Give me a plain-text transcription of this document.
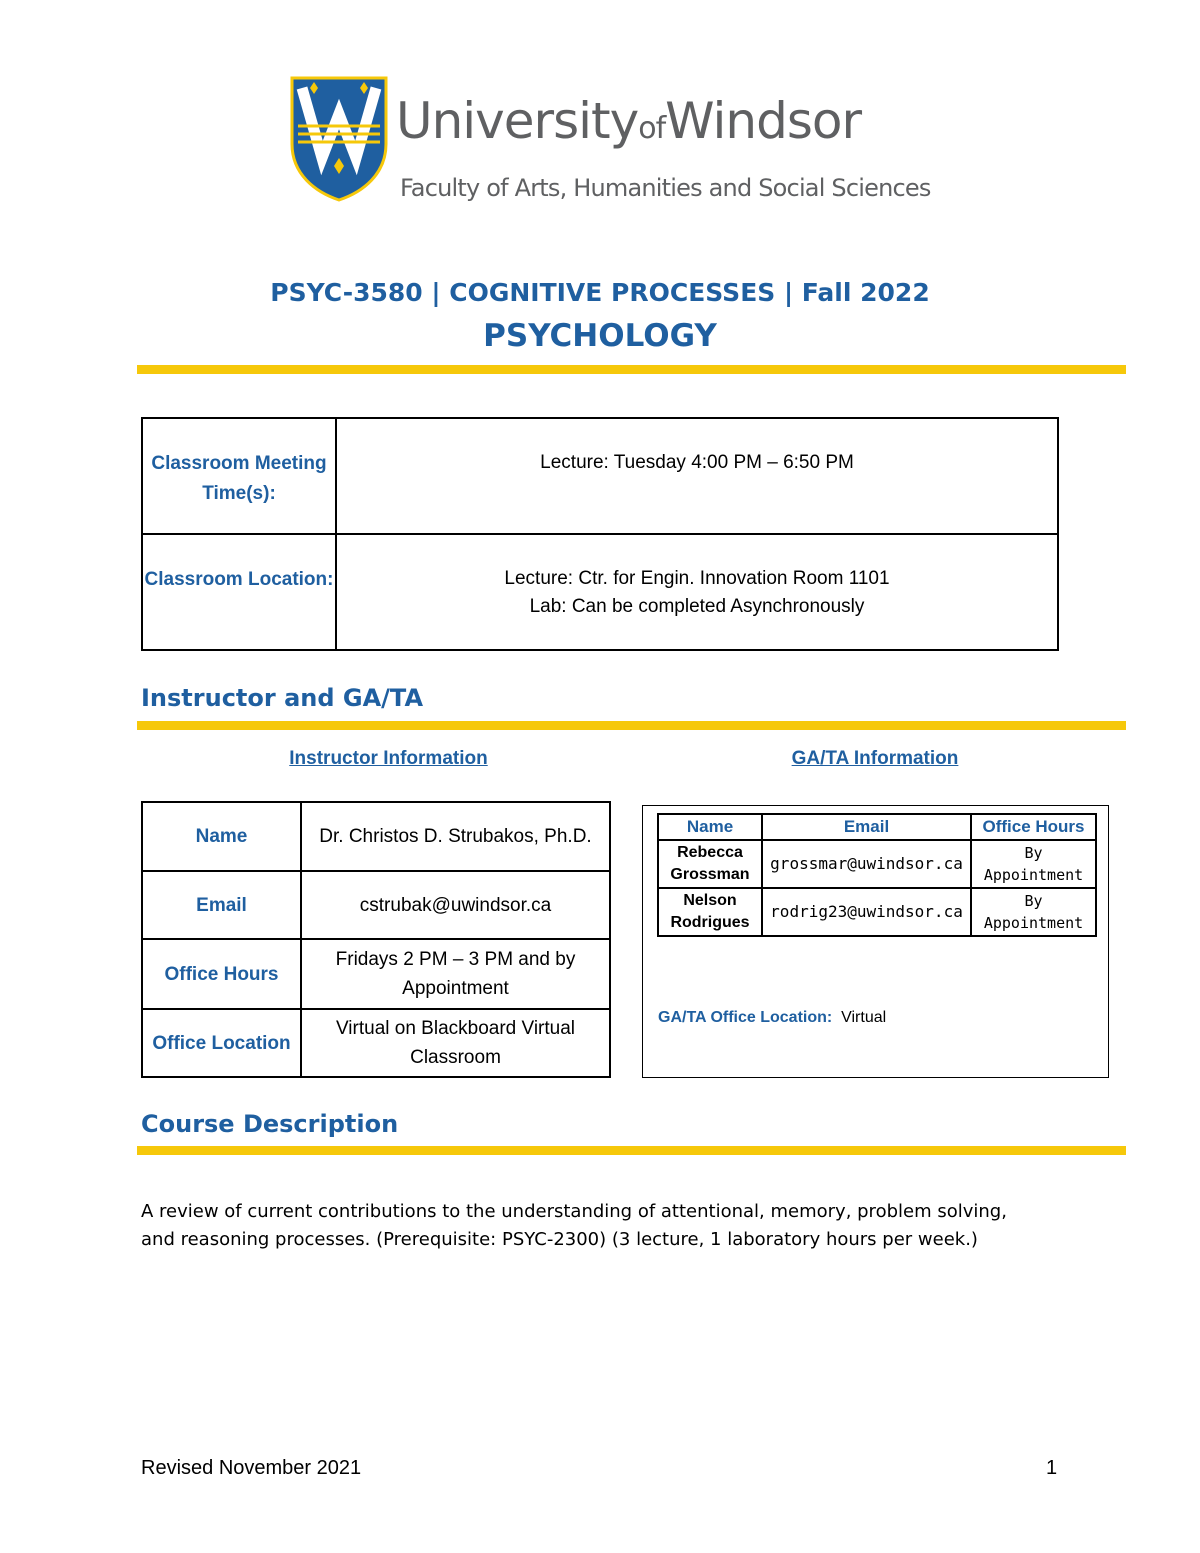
UniversityofWindsor
Faculty of Arts, Humanities and Social Sciences
PSYC-3580 | COGNITIVE PROCESSES | Fall 2022
PSYCHOLOGY
Classroom Meeting Time(s):	Lecture: Tuesday 4:00 PM – 6:50 PM
Classroom Location:	Lecture: Ctr. for Engin. Innovation Room 1101
Lab: Can be completed Asynchronously
Instructor and GA/TA
Instructor Information	GA/TA Information
Name	Dr. Christos D. Strubakos, Ph.D.
Email	cstrubak@uwindsor.ca
Office Hours	Fridays 2 PM – 3 PM and by Appointment
Office Location	Virtual on Blackboard Virtual Classroom
Name	Email	Office Hours
Rebecca Grossman	grossmar@uwindsor.ca	By Appointment
Nelson Rodrigues	rodrig23@uwindsor.ca	By Appointment
GA/TA Office Location: Virtual
Course Description
A review of current contributions to the understanding of attentional, memory, problem solving, and reasoning processes. (Prerequisite: PSYC-2300) (3 lecture, 1 laboratory hours per week.)
Revised November 2021	1
